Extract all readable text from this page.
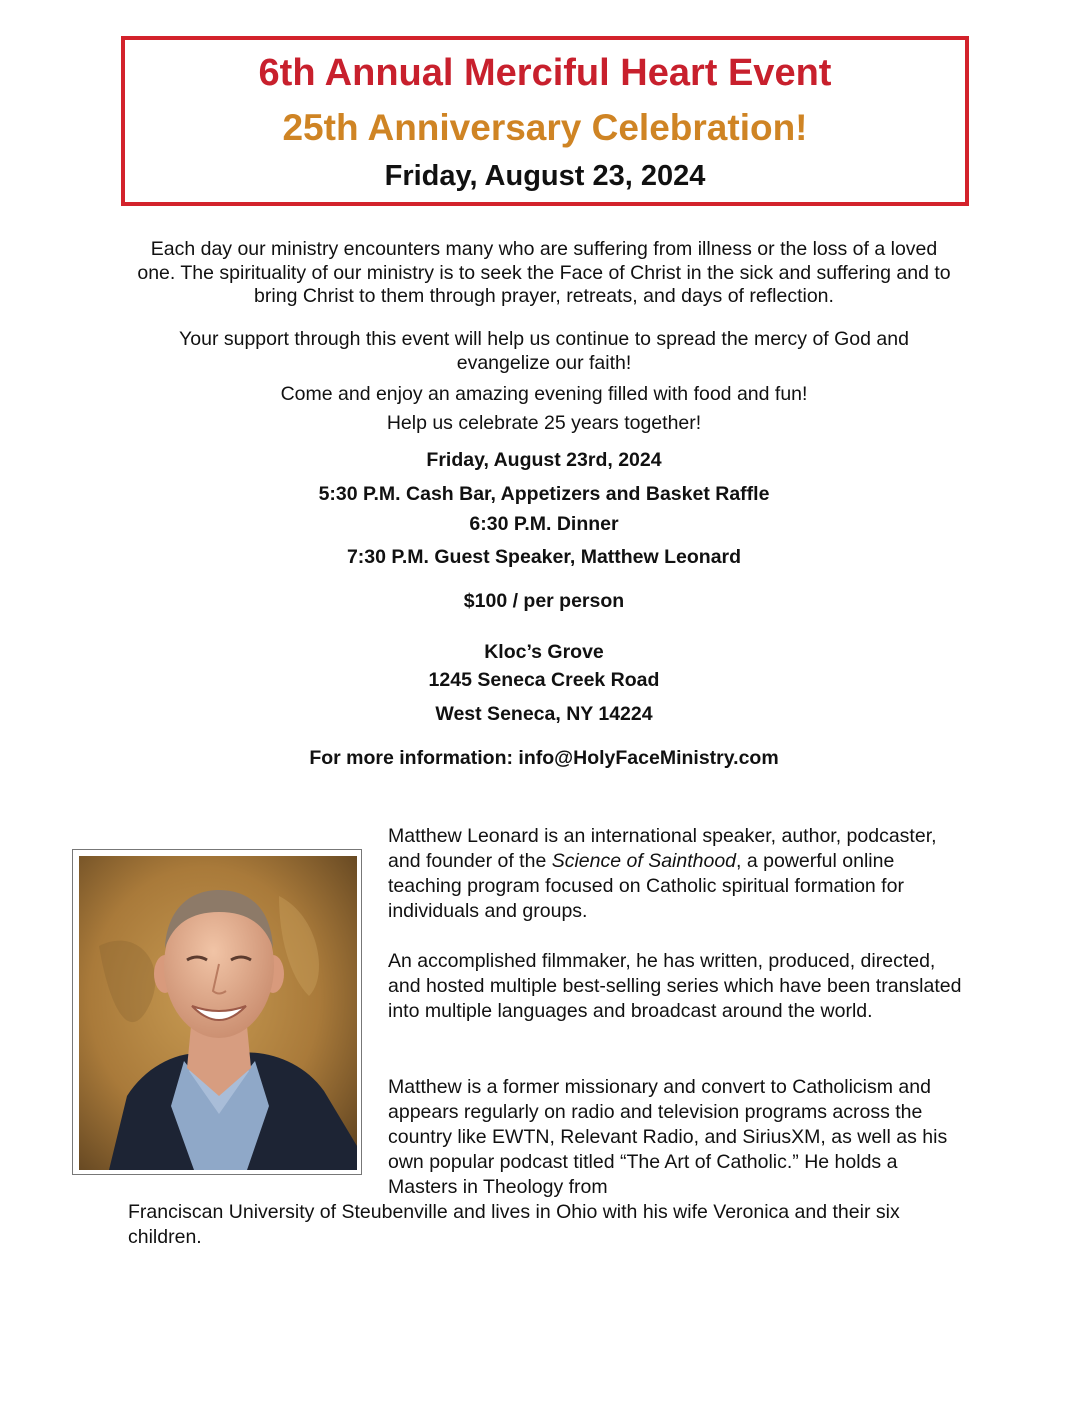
6th Annual Merciful Heart Event
25th Anniversary Celebration!
Friday, August 23, 2024

Each day our ministry encounters many who are suffering from illness or the loss of a loved one. The spirituality of our ministry is to seek the Face of Christ in the sick and suffering and to bring Christ to them through prayer, retreats, and days of reflection.

Your support through this event will help us continue to spread the mercy of God and evangelize our faith!

Come and enjoy an amazing evening filled with food and fun!
Help us celebrate 25 years together!
Friday, August 23rd, 2024
5:30 P.M. Cash Bar, Appetizers and Basket Raffle
6:30 P.M. Dinner
7:30 P.M. Guest Speaker, Matthew Leonard
$100 / per person
Kloc’s Grove
1245 Seneca Creek Road
West Seneca, NY 14224
For more information: info@HolyFaceMinistry.com

Matthew Leonard is an international speaker, author, podcaster, and founder of the Science of Sainthood, a powerful online teaching program focused on Catholic spiritual formation for individuals and groups.

An accomplished filmmaker, he has written, produced, directed, and hosted multiple best-selling series which have been translated into multiple languages and broadcast around the world.

Matthew is a former missionary and convert to Catholicism and appears regularly on radio and television programs across the country like EWTN, Relevant Radio, and SiriusXM, as well as his own popular podcast titled “The Art of Catholic.” He holds a Masters in Theology from

Franciscan University of Steubenville and lives in Ohio with his wife Veronica and their six children.
